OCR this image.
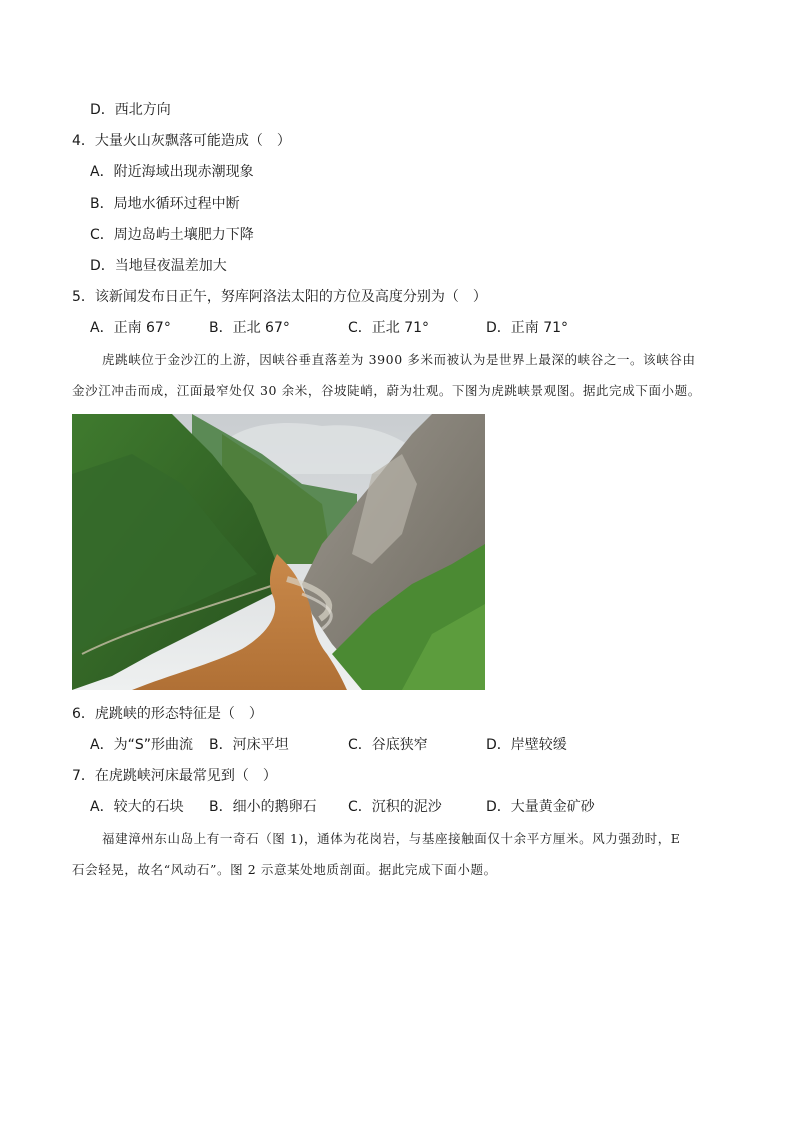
D．西北方向
4．大量火山灰飘落可能造成（　）
A．附近海域出现赤潮现象
B．局地水循环过程中断
C．周边岛屿土壤肥力下降
D．当地昼夜温差加大
5．该新闻发布日正午，努库阿洛法太阳的方位及高度分别为（　）
A．正南 67°	B．正北 67°	C．正北 71°	D．正南 71°
虎跳峡位于金沙江的上游，因峡谷垂直落差为 3900 多米而被认为是世界上最深的峡谷之一。该峡谷由
金沙江冲击而成，江面最窄处仅 30 余米，谷坡陡峭，蔚为壮观。下图为虎跳峡景观图。据此完成下面小题。
6．虎跳峡的形态特征是（　）
A．为“S”形曲流 B．河床平坦	C．谷底狭窄	D．岸壁较缓
7．在虎跳峡河床最常见到（　）
A．较大的石块 B．细小的鹅卵石 C．沉积的泥沙	D．大量黄金矿砂
福建漳州东山岛上有一奇石（图 1)，通体为花岗岩，与基座接触面仅十余平方厘米。风力强劲时，E
石会轻晃，故名“风动石”。图 2 示意某处地质剖面。据此完成下面小题。
